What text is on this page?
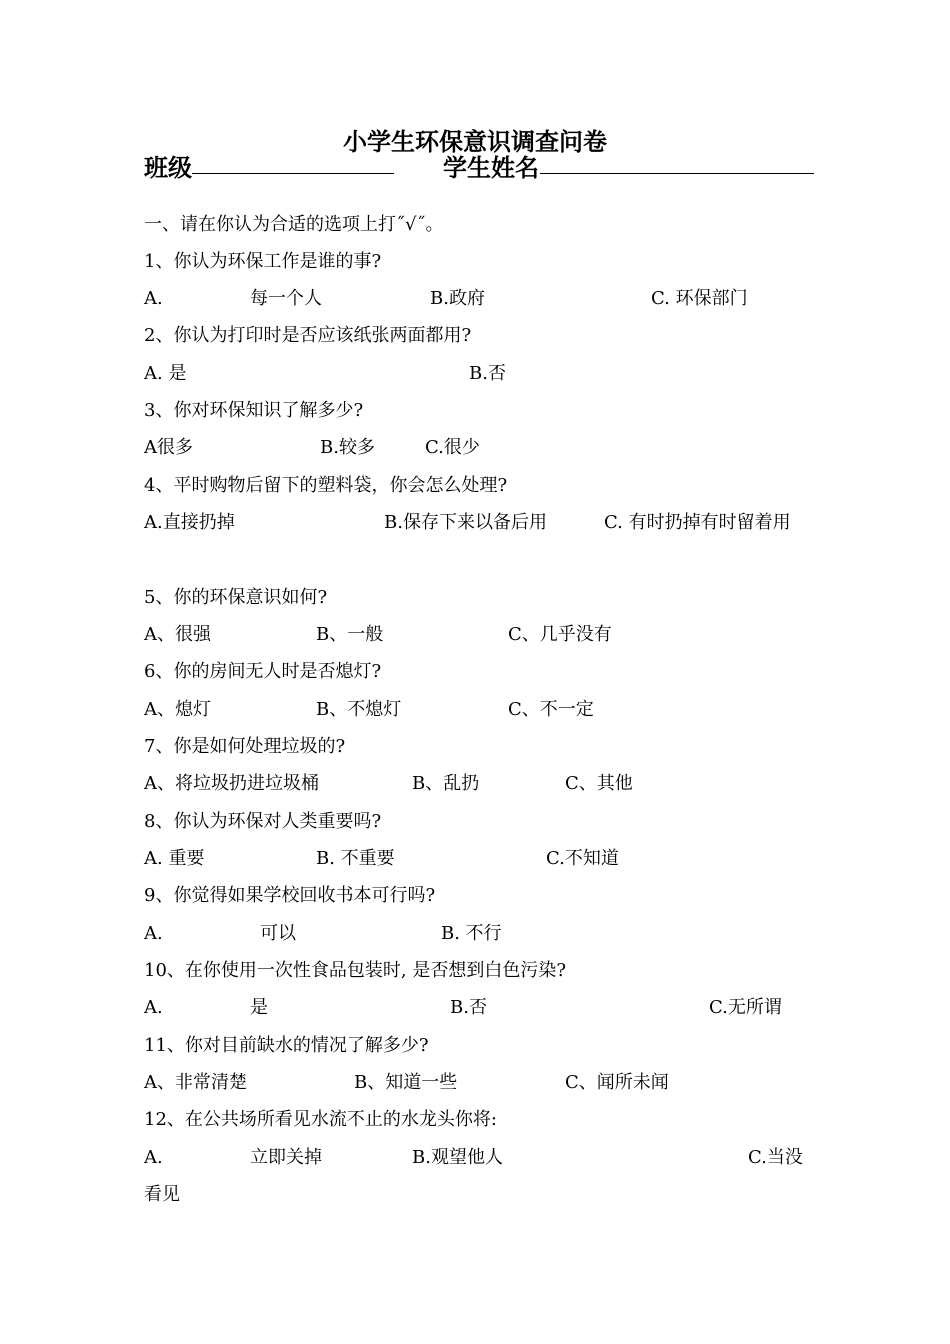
小学生环保意识调查问卷
班级	学生姓名
一、请在你认为合适的选项上打˝√˝。
1、你认为环保工作是谁的事?
A.	每一个人	B.政府	C. 环保部门
2、你认为打印时是否应该纸张两面都用?
A. 是	B.否
3、你对环保知识了解多少?
A很多	B.较多	C.很少
4、平时购物后留下的塑料袋，你会怎么处理?
A.直接扔掉	B.保存下来以备后用	C. 有时扔掉有时留着用
5、你的环保意识如何?
A、很强	B、一般	C、几乎没有
6、你的房间无人时是否熄灯?
A、熄灯	B、不熄灯	C、不一定
7、你是如何处理垃圾的?
A、将垃圾扔进垃圾桶	B、乱扔	C、其他
8、你认为环保对人类重要吗?
A. 重要	B. 不重要	C.不知道
9、你觉得如果学校回收书本可行吗?
A.	可以	B. 不行
10、在你使用一次性食品包装时, 是否想到白色污染?
A.	是	B.否	C.无所谓
11、你对目前缺水的情况了解多少?
A、非常清楚	B、知道一些	C、闻所未闻
12、在公共场所看见水流不止的水龙头你将:
A.	立即关掉	B.观望他人	C.当没
看见
